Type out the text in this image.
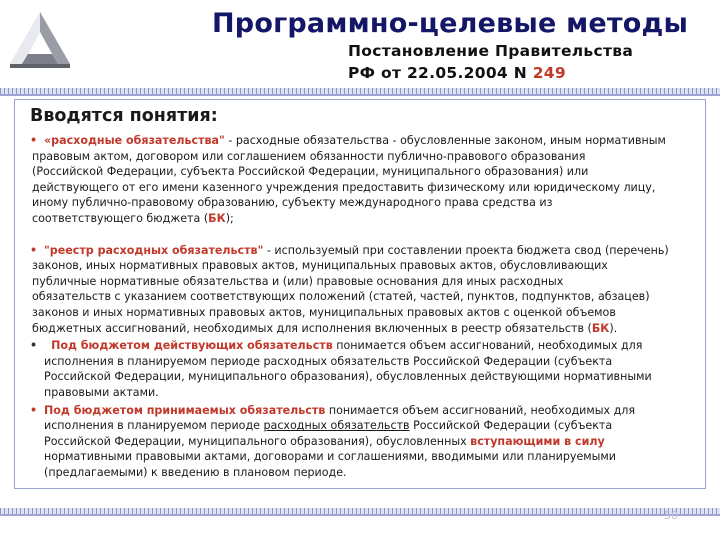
Программно-целевые методы
Постановление Правительства
РФ от 22.05.2004 N 249
Вводятся понятия:
• «расходные обязательства" - расходные обязательства - обусловленные законом, иным нормативным
правовым актом, договором или соглашением обязанности публично-правового образования
(Российской Федерации, субъекта Российской Федерации, муниципального образования) или
действующего от его имени казенного учреждения предоставить физическому или юридическому лицу,
иному публично-правовому образованию, субъекту международного права средства из
соответствующего бюджета (БК);
• "реестр расходных обязательств" - используемый при составлении проекта бюджета свод (перечень)
законов, иных нормативных правовых актов, муниципальных правовых актов, обусловливающих
публичные нормативные обязательства и (или) правовые основания для иных расходных
обязательств с указанием соответствующих положений (статей, частей, пунктов, подпунктов, абзацев)
законов и иных нормативных правовых актов, муниципальных правовых актов с оценкой объемов
бюджетных ассигнований, необходимых для исполнения включенных в реестр обязательств (БК).
•	Под бюджетом действующих обязательств понимается объем ассигнований, необходимых для
исполнения в планируемом периоде расходных обязательств Российской Федерации (субъекта
Российской Федерации, муниципального образования), обусловленных действующими нормативными
правовыми актами.
• Под бюджетом принимаемых обязательств понимается объем ассигнований, необходимых для
исполнения в планируемом периоде расходных обязательств Российской Федерации (субъекта
Российской Федерации, муниципального образования), обусловленных вступающими в силу
нормативными правовыми актами, договорами и соглашениями, вводимыми или планируемыми
(предлагаемыми) к введению в плановом периоде.
50
